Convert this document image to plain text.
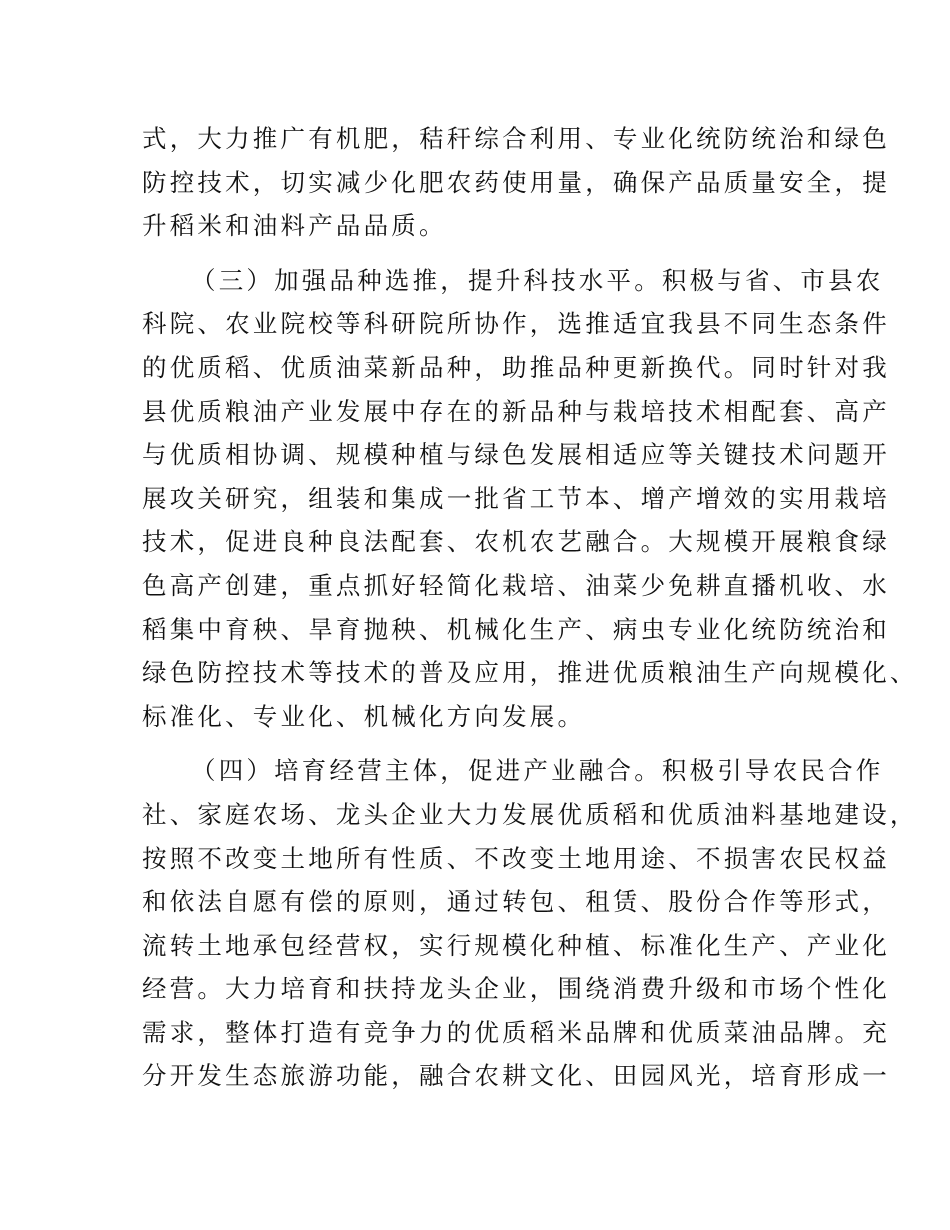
式，大力推广有机肥，秸秆综合利用、专业化统防统治和绿色
防控技术，切实减少化肥农药使用量，确保产品质量安全，提
升稻米和油料产品品质。
（三）加强品种选推，提升科技水平。积极与省、市县农
科院、农业院校等科研院所协作，选推适宜我县不同生态条件
的优质稻、优质油菜新品种，助推品种更新换代。同时针对我
县优质粮油产业发展中存在的新品种与栽培技术相配套、高产
与优质相协调、规模种植与绿色发展相适应等关键技术问题开
展攻关研究，组装和集成一批省工节本、增产增效的实用栽培
技术，促进良种良法配套、农机农艺融合。大规模开展粮食绿
色高产创建，重点抓好轻简化栽培、油菜少免耕直播机收、水
稻集中育秧、旱育抛秧、机械化生产、病虫专业化统防统治和
绿色防控技术等技术的普及应用，推进优质粮油生产向规模化、
标准化、专业化、机械化方向发展。
（四）培育经营主体，促进产业融合。积极引导农民合作
社、家庭农场、龙头企业大力发展优质稻和优质油料基地建设，
按照不改变土地所有性质、不改变土地用途、不损害农民权益
和依法自愿有偿的原则，通过转包、租赁、股份合作等形式，
流转土地承包经营权，实行规模化种植、标准化生产、产业化
经营。大力培育和扶持龙头企业，围绕消费升级和市场个性化
需求，整体打造有竞争力的优质稻米品牌和优质菜油品牌。充
分开发生态旅游功能，融合农耕文化、田园风光，培育形成一
